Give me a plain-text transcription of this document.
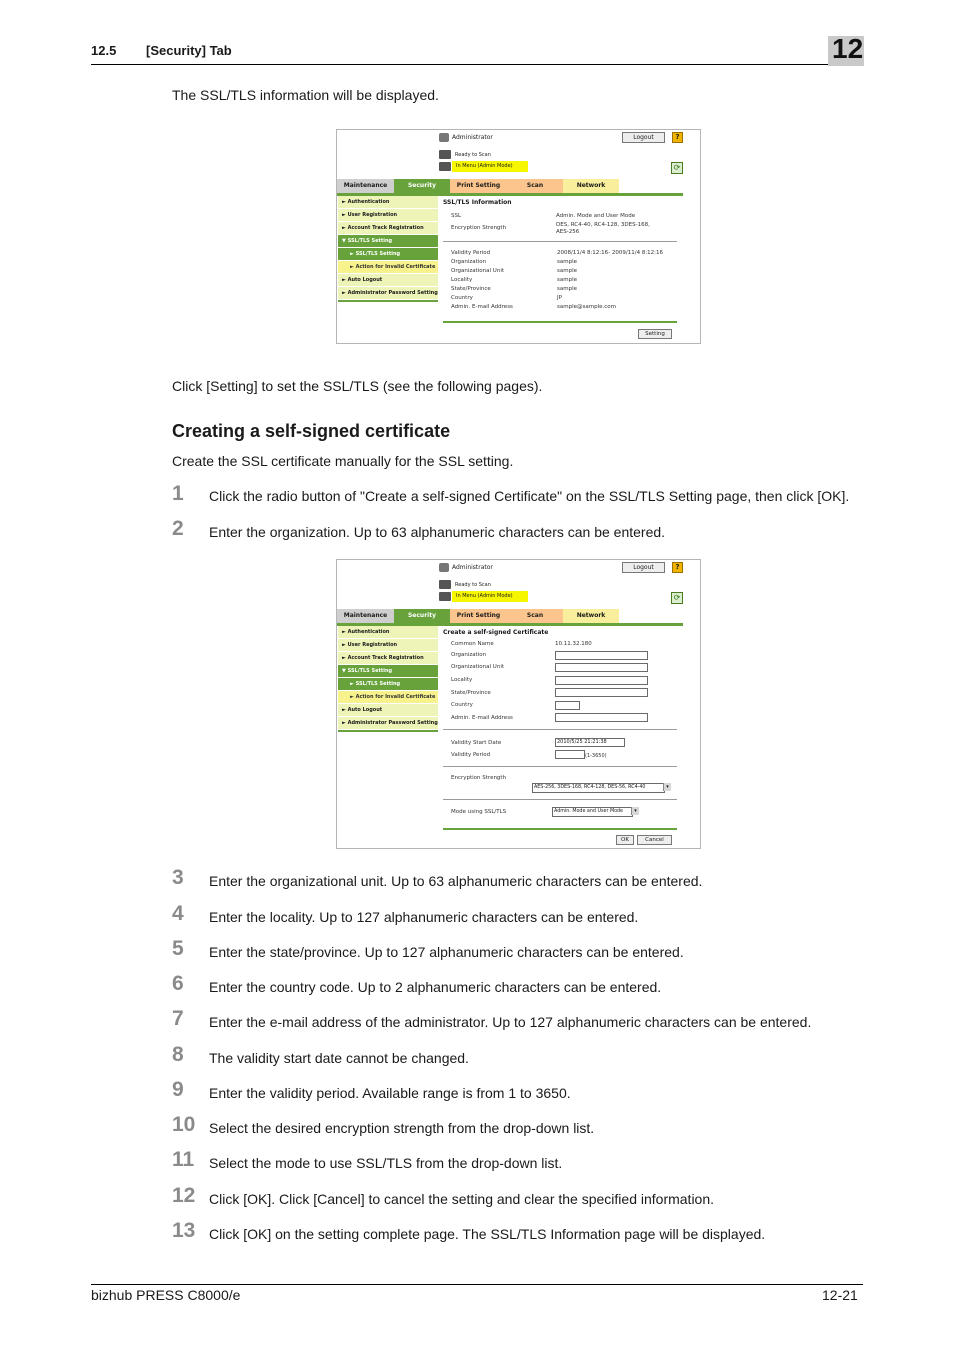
12.5 [Security] Tab	12
The SSL/TLS information will be displayed.
Administrator	Logout	?
Ready to Scan
In Menu (Admin Mode)	⟳
Maintenance	Security	Print Setting	Scan	Network
► Authentication
► User Registration
► Account Track Registration
▼ SSL/TLS Setting
► SSL/TLS Setting
► Action for Invalid Certificate
► Auto Logout
► Administrator Password Setting
SSL/TLS Information
SSL	Admin. Mode and User Mode
Encryption Strength	DES, RC4-40, RC4-128, 3DES-168,
AES-256
Validity Period	2008/11/4 8:12:16- 2009/11/4 8:12:16
Organization	sample
Organizational Unit	sample
Locality	sample
State/Province	sample
Country	JP
Admin. E-mail Address	sample@sample.com
Setting
Click [Setting] to set the SSL/TLS (see the following pages).
Creating a self-signed certificate
Create the SSL certificate manually for the SSL setting.
1 Click the radio button of "Create a self-signed Certificate" on the SSL/TLS Setting page, then click [OK].
2 Enter the organization. Up to 63 alphanumeric characters can be entered.
Administrator	Logout	?
Ready to Scan
In Menu (Admin Mode)	⟳
Maintenance	Security	Print Setting	Scan	Network
► Authentication
► User Registration
► Account Track Registration
▼ SSL/TLS Setting
► SSL/TLS Setting
► Action for Invalid Certificate
► Auto Logout
► Administrator Password Setting
Create a self-signed Certificate
Common Name	10.11.32.180
Organization
Organizational Unit
Locality
State/Province
Country
Admin. E-mail Address
Validity Start Date	2010/5/25 21:21:38
Validity Period	(1-3650)
Encryption Strength
AES-256, 3DES-168, RC4-128, DES-56, RC4-40	▾
Mode using SSL/TLS	Admin. Mode and User Mode	▾
OK	Cancel
3 Enter the organizational unit. Up to 63 alphanumeric characters can be entered.
4 Enter the locality. Up to 127 alphanumeric characters can be entered.
5 Enter the state/province. Up to 127 alphanumeric characters can be entered.
6 Enter the country code. Up to 2 alphanumeric characters can be entered.
7 Enter the e-mail address of the administrator. Up to 127 alphanumeric characters can be entered.
8 The validity start date cannot be changed.
9 Enter the validity period. Available range is from 1 to 3650.
10 Select the desired encryption strength from the drop-down list.
11 Select the mode to use SSL/TLS from the drop-down list.
12 Click [OK]. Click [Cancel] to cancel the setting and clear the specified information.
13 Click [OK] on the setting complete page. The SSL/TLS Information page will be displayed.
bizhub PRESS C8000/e	12-21
